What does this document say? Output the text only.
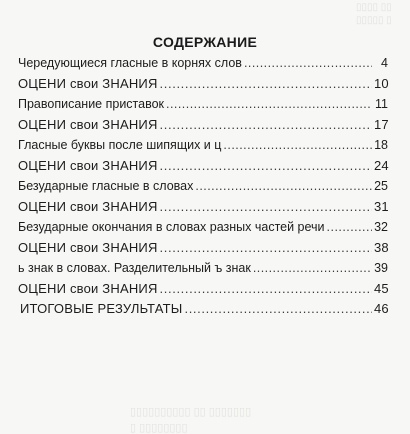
▯▯▯▯ ▯▯
▯▯▯▯▯ ▯
▯▯▯▯▯▯▯▯▯▯ ▯▯ ▯▯▯▯▯▯▯
▯ ▯▯▯▯▯▯▯▯
СОДЕРЖАНИЕ
Чередующиеся гласные в корнях слов . . .	4
ОЦЕНИ свои ЗНАНИЯ . . .	10
Правописание приставок . . .	11
ОЦЕНИ свои ЗНАНИЯ . . .	17
Гласные буквы после шипящих и ц . . .	18
ОЦЕНИ свои ЗНАНИЯ . . .	24
Безударные гласные в словах . . .	25
ОЦЕНИ свои ЗНАНИЯ . . .	31
Безударные окончания в словах разных частей речи . . .	32
ОЦЕНИ свои ЗНАНИЯ . . .	38
ь знак в словах. Разделительный ъ знак . . .	39
ОЦЕНИ свои ЗНАНИЯ . . .	45
ИТОГОВЫЕ РЕЗУЛЬТАТЫ . . .	46
